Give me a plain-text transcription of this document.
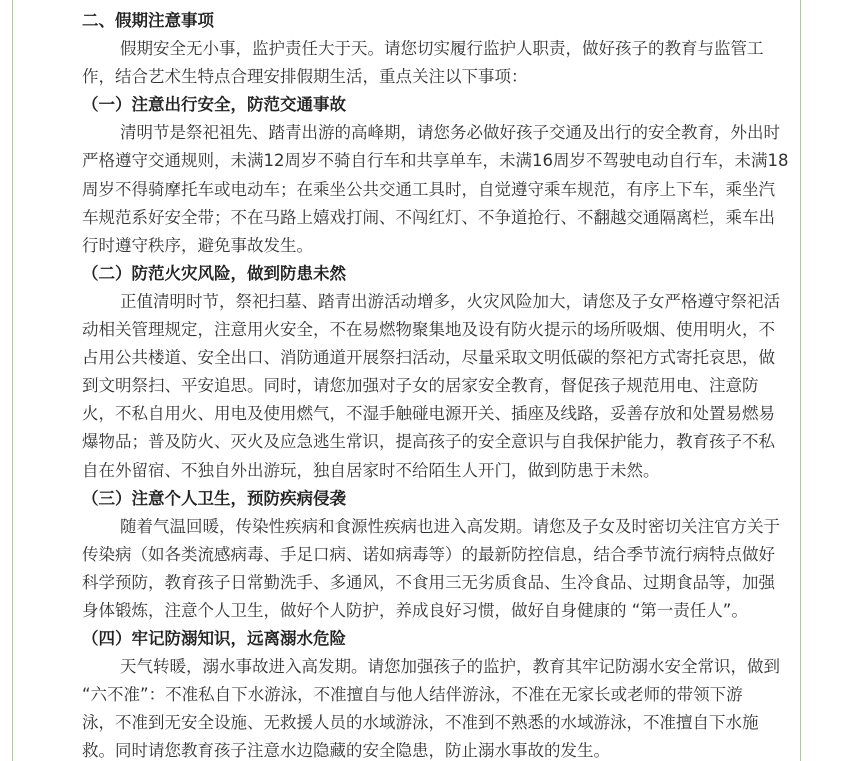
二、假期注意事项
假期安全无小事，监护责任大于天。请您切实履行监护人职责，做好孩子的教育与监管工
作，结合艺术生特点合理安排假期生活，重点关注以下事项：
（一）注意出行安全，防范交通事故
清明节是祭祀祖先、踏青出游的高峰期，请您务必做好孩子交通及出行的安全教育，外出时
严格遵守交通规则，未满12周岁不骑自行车和共享单车，未满16周岁不驾驶电动自行车，未满18
周岁不得骑摩托车或电动车；在乘坐公共交通工具时，自觉遵守乘车规范，有序上下车，乘坐汽
车规范系好安全带；不在马路上嬉戏打闹、不闯红灯、不争道抢行、不翻越交通隔离栏，乘车出
行时遵守秩序，避免事故发生。
（二）防范火灾风险，做到防患未然
正值清明时节，祭祀扫墓、踏青出游活动增多，火灾风险加大，请您及子女严格遵守祭祀活
动相关管理规定，注意用火安全，不在易燃物聚集地及设有防火提示的场所吸烟、使用明火，不
占用公共楼道、安全出口、消防通道开展祭扫活动，尽量采取文明低碳的祭祀方式寄托哀思，做
到文明祭扫、平安追思。同时，请您加强对子女的居家安全教育，督促孩子规范用电、注意防
火，不私自用火、用电及使用燃气，不湿手触碰电源开关、插座及线路，妥善存放和处置易燃易
爆物品；普及防火、灭火及应急逃生常识，提高孩子的安全意识与自我保护能力，教育孩子不私
自在外留宿、不独自外出游玩，独自居家时不给陌生人开门，做到防患于未然。
（三）注意个人卫生，预防疾病侵袭
随着气温回暖，传染性疾病和食源性疾病也进入高发期。请您及子女及时密切关注官方关于
传染病（如各类流感病毒、手足口病、诺如病毒等）的最新防控信息，结合季节流行病特点做好
科学预防，教育孩子日常勤洗手、多通风，不食用三无劣质食品、生冷食品、过期食品等，加强
身体锻炼，注意个人卫生，做好个人防护，养成良好习惯，做好自身健康的 “第一责任人”。
（四）牢记防溺知识，远离溺水危险
天气转暖，溺水事故进入高发期。请您加强孩子的监护，教育其牢记防溺水安全常识，做到
“六不准”：不准私自下水游泳，不准擅自与他人结伴游泳，不准在无家长或老师的带领下游
泳，不准到无安全设施、无救援人员的水域游泳，不准到不熟悉的水域游泳，不准擅自下水施
救。同时请您教育孩子注意水边隐藏的安全隐患，防止溺水事故的发生。
